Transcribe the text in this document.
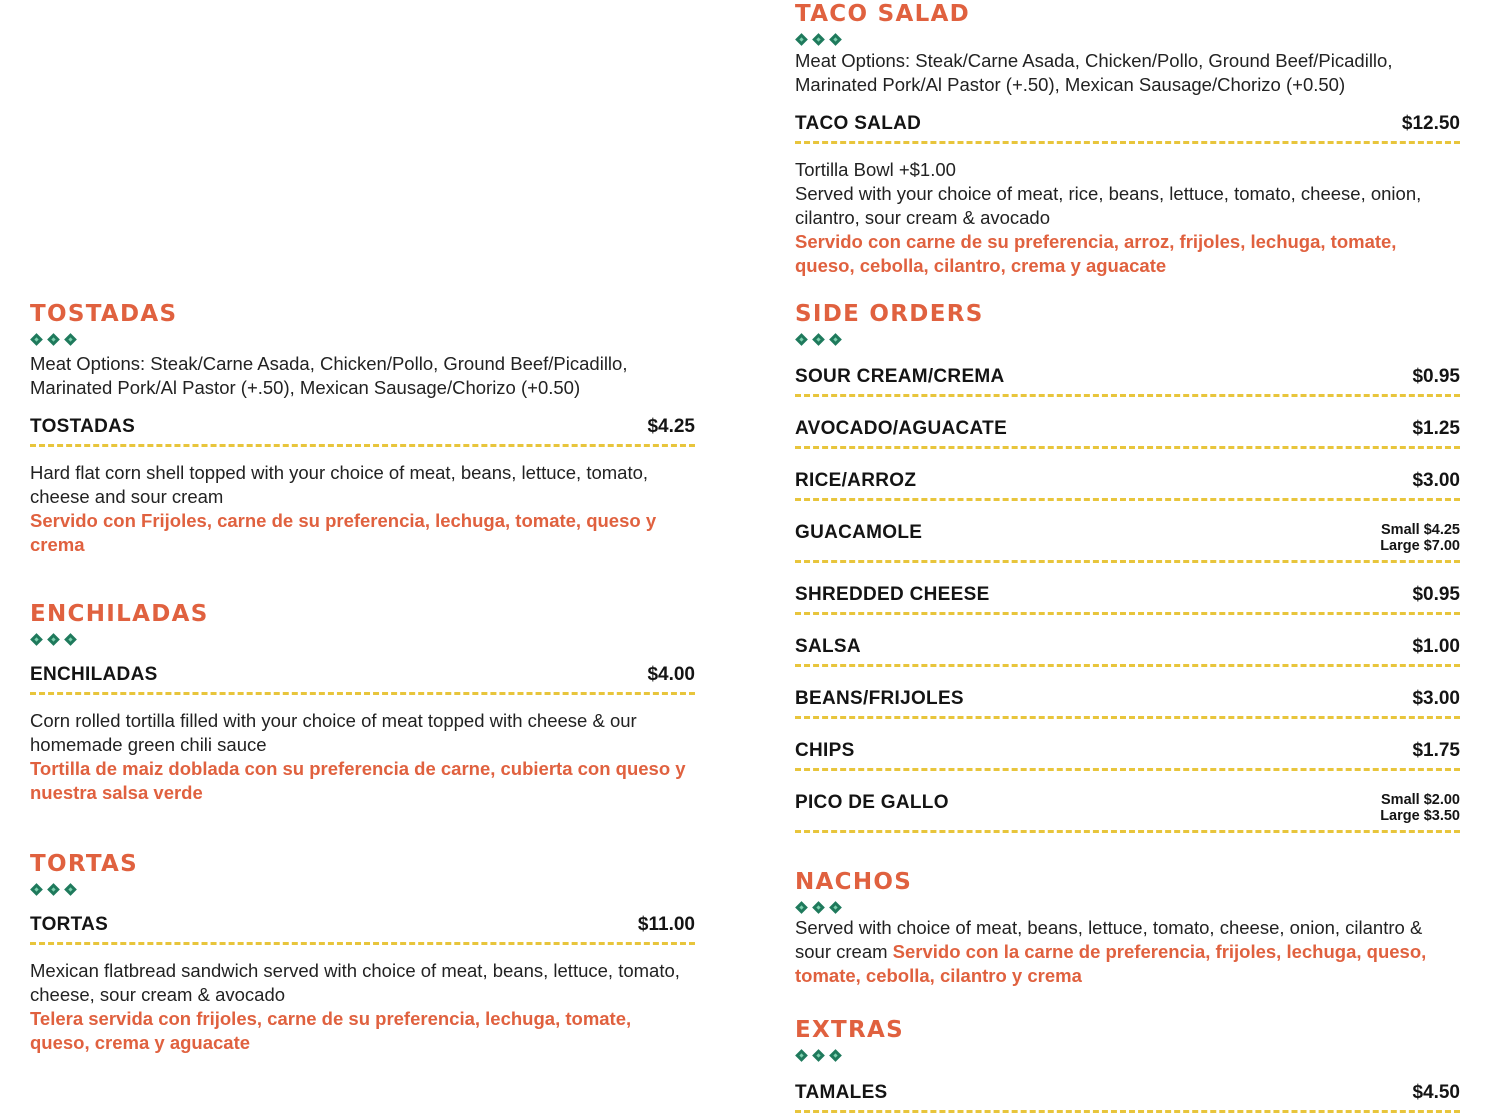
TOSTADAS

Meat Options: Steak/Carne Asada, Chicken/Pollo, Ground Beef/Picadillo, Marinated Pork/Al Pastor (+.50), Mexican Sausage/Chorizo (+0.50)

TOSTADAS	$4.25

Hard flat corn shell topped with your choice of meat, beans, lettuce, tomato, cheese and sour cream

Servido con Frijoles, carne de su preferencia, lechuga, tomate, queso y crema

ENCHILADAS
ENCHILADAS	$4.00

Corn rolled tortilla filled with your choice of meat topped with cheese & our homemade green chili sauce

Tortilla de maiz doblada con su preferencia de carne, cubierta con queso y nuestra salsa verde

TORTAS
TORTAS	$11.00

Mexican flatbread sandwich served with choice of meat, beans, lettuce, tomato, cheese, sour cream & avocado

Telera servida con frijoles, carne de su preferencia, lechuga, tomate, queso, crema y aguacate

TACO SALAD

Meat Options: Steak/Carne Asada, Chicken/Pollo, Ground Beef/Picadillo, Marinated Pork/Al Pastor (+.50), Mexican Sausage/Chorizo (+0.50)

TACO SALAD	$12.50

Tortilla Bowl +$1.00

Served with your choice of meat, rice, beans, lettuce, tomato, cheese, onion, cilantro, sour cream & avocado

Servido con carne de su preferencia, arroz, frijoles, lechuga, tomate, queso, cebolla, cilantro, crema y aguacate

SIDE ORDERS
SOUR CREAM/CREMA	$0.95
AVOCADO/AGUACATE	$1.25
RICE/ARROZ	$3.00
GUACAMOLE	Small $4.25
Large $7.00
SHREDDED CHEESE	$0.95
SALSA	$1.00
BEANS/FRIJOLES	$3.00
CHIPS	$1.75
PICO DE GALLO	Small $2.00
Large $3.50
NACHOS

Served with choice of meat, beans, lettuce, tomato, cheese, onion, cilantro & sour cream Servido con la carne de preferencia, frijoles, lechuga, queso, tomate, cebolla, cilantro y crema

EXTRAS
TAMALES	$4.50
